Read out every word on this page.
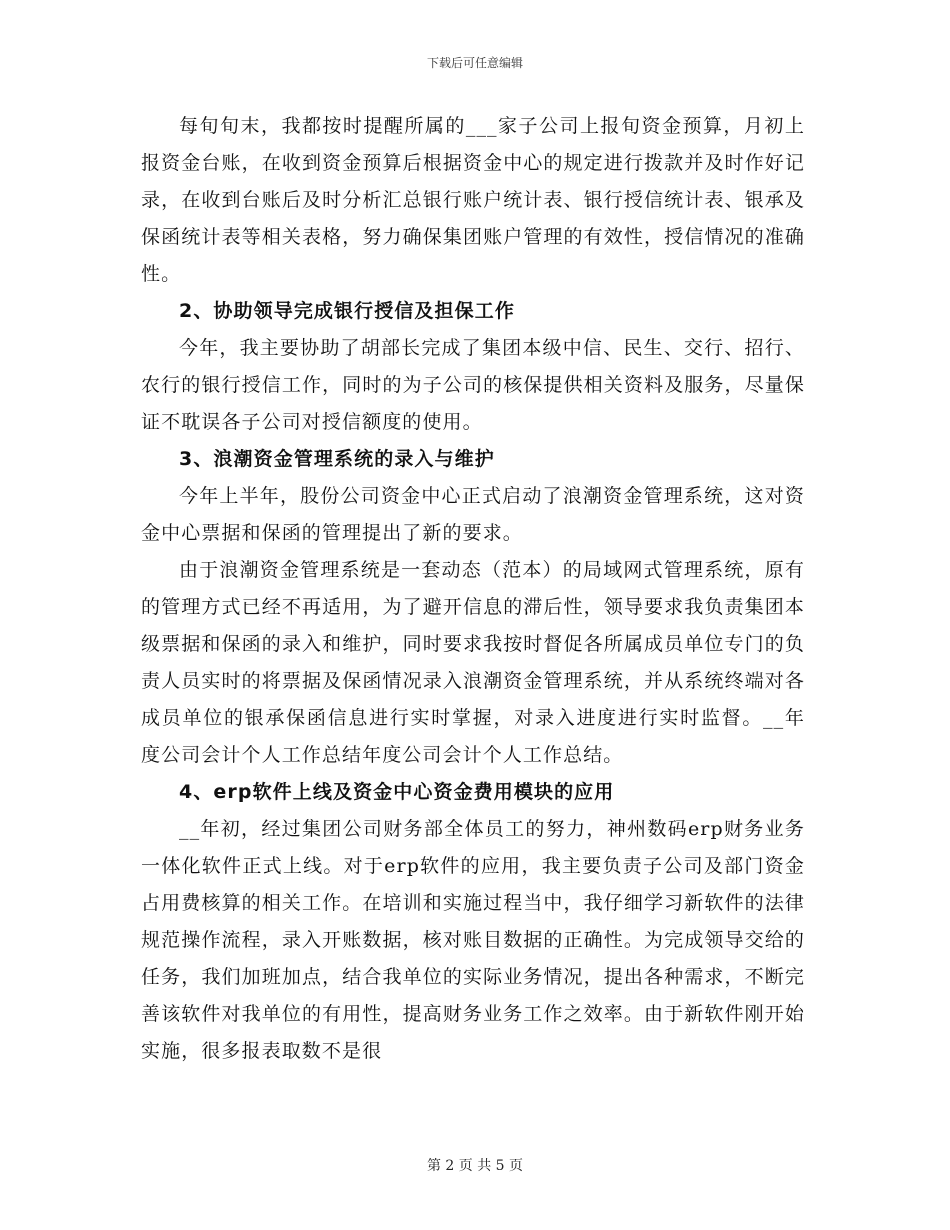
下载后可任意编辑

每旬旬末，我都按时提醒所属的___家子公司上报旬资金预算，月初上报资金台账，在收到资金预算后根据资金中心的规定进行拨款并及时作好记录，在收到台账后及时分析汇总银行账户统计表、银行授信统计表、银承及保函统计表等相关表格，努力确保集团账户管理的有效性，授信情况的准确性。

2、协助领导完成银行授信及担保工作

今年，我主要协助了胡部长完成了集团本级中信、民生、交行、招行、农行的银行授信工作，同时的为子公司的核保提供相关资料及服务，尽量保证不耽误各子公司对授信额度的使用。

3、浪潮资金管理系统的录入与维护

今年上半年，股份公司资金中心正式启动了浪潮资金管理系统，这对资金中心票据和保函的管理提出了新的要求。

由于浪潮资金管理系统是一套动态（范本）的局域网式管理系统，原有的管理方式已经不再适用，为了避开信息的滞后性，领导要求我负责集团本级票据和保函的录入和维护，同时要求我按时督促各所属成员单位专门的负责人员实时的将票据及保函情况录入浪潮资金管理系统，并从系统终端对各成员单位的银承保函信息进行实时掌握，对录入进度进行实时监督。__年度公司会计个人工作总结年度公司会计个人工作总结。

4、erp软件上线及资金中心资金费用模块的应用

__年初，经过集团公司财务部全体员工的努力，神州数码erp财务业务一体化软件正式上线。对于erp软件的应用，我主要负责子公司及部门资金占用费核算的相关工作。在培训和实施过程当中，我仔细学习新软件的法律规范操作流程，录入开账数据，核对账目数据的正确性。为完成领导交给的任务，我们加班加点，结合我单位的实际业务情况，提出各种需求，不断完善该软件对我单位的有用性，提高财务业务工作之效率。由于新软件刚开始实施，很多报表取数不是很

第 2 页 共 5 页
